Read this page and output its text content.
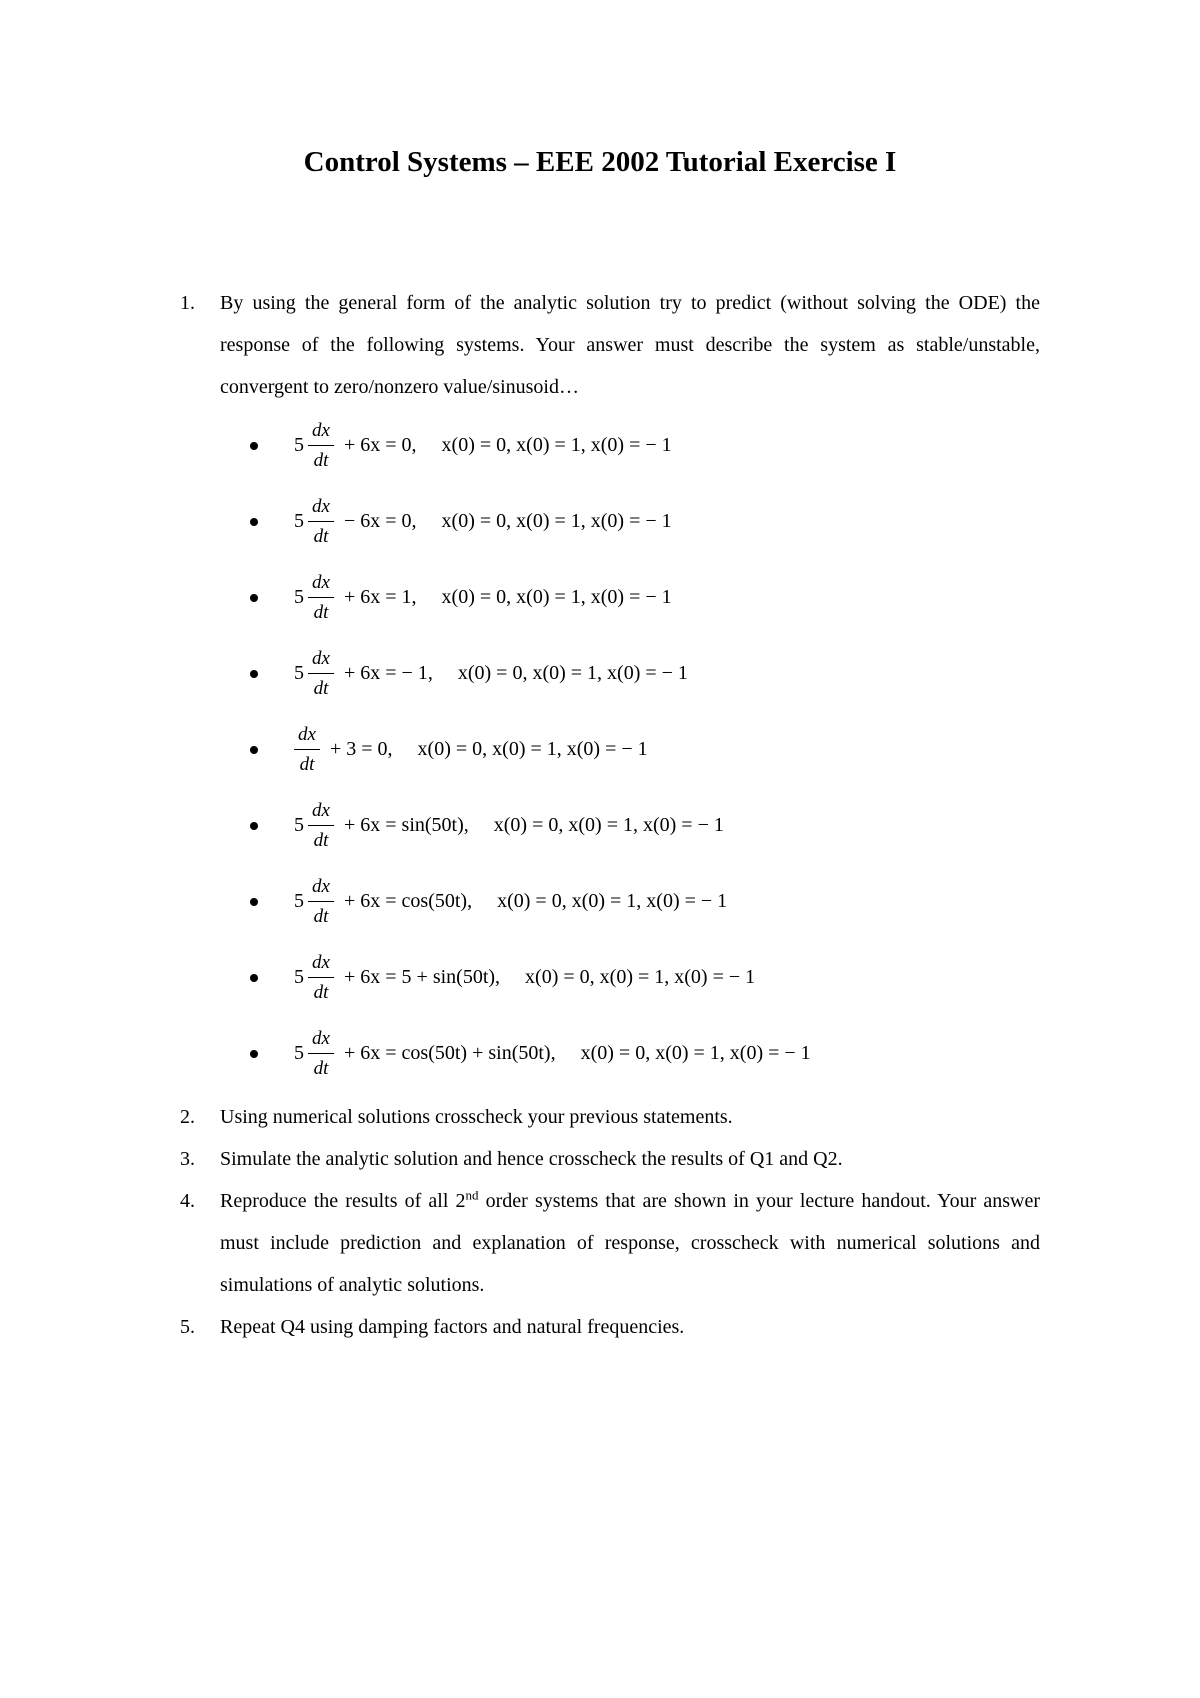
Control Systems – EEE 2002 Tutorial Exercise I
1.	By using the general form of the analytic solution try to predict (without solving the ODE) the response of the following systems. Your answer must describe the system as stable/unstable, convergent to zero/nonzero value/sinusoid…
5
dx
dt
+ 6x = 0,     x(0) = 0, x(0) = 1, x(0) = − 1
5
dx
dt
− 6x = 0,     x(0) = 0, x(0) = 1, x(0) = − 1
5
dx
dt
+ 6x = 1,     x(0) = 0, x(0) = 1, x(0) = − 1
5
dx
dt
+ 6x = − 1,     x(0) = 0, x(0) = 1, x(0) = − 1
dx
dt
+ 3 = 0,     x(0) = 0, x(0) = 1, x(0) = − 1
5
dx
dt
+ 6x = sin(50t),     x(0) = 0, x(0) = 1, x(0) = − 1
5
dx
dt
+ 6x = cos(50t),     x(0) = 0, x(0) = 1, x(0) = − 1
5
dx
dt
+ 6x = 5 + sin(50t),     x(0) = 0, x(0) = 1, x(0) = − 1
5
dx
dt
+ 6x = cos(50t) + sin(50t),     x(0) = 0, x(0) = 1, x(0) = − 1
2.	Using numerical solutions crosscheck your previous statements.
3.	Simulate the analytic solution and hence crosscheck the results of Q1 and Q2.
4.	Reproduce the results of all 2nd order systems that are shown in your lecture handout. Your answer must include prediction and explanation of response, crosscheck with numerical solutions and simulations of analytic solutions.
5.	Repeat Q4 using damping factors and natural frequencies.
